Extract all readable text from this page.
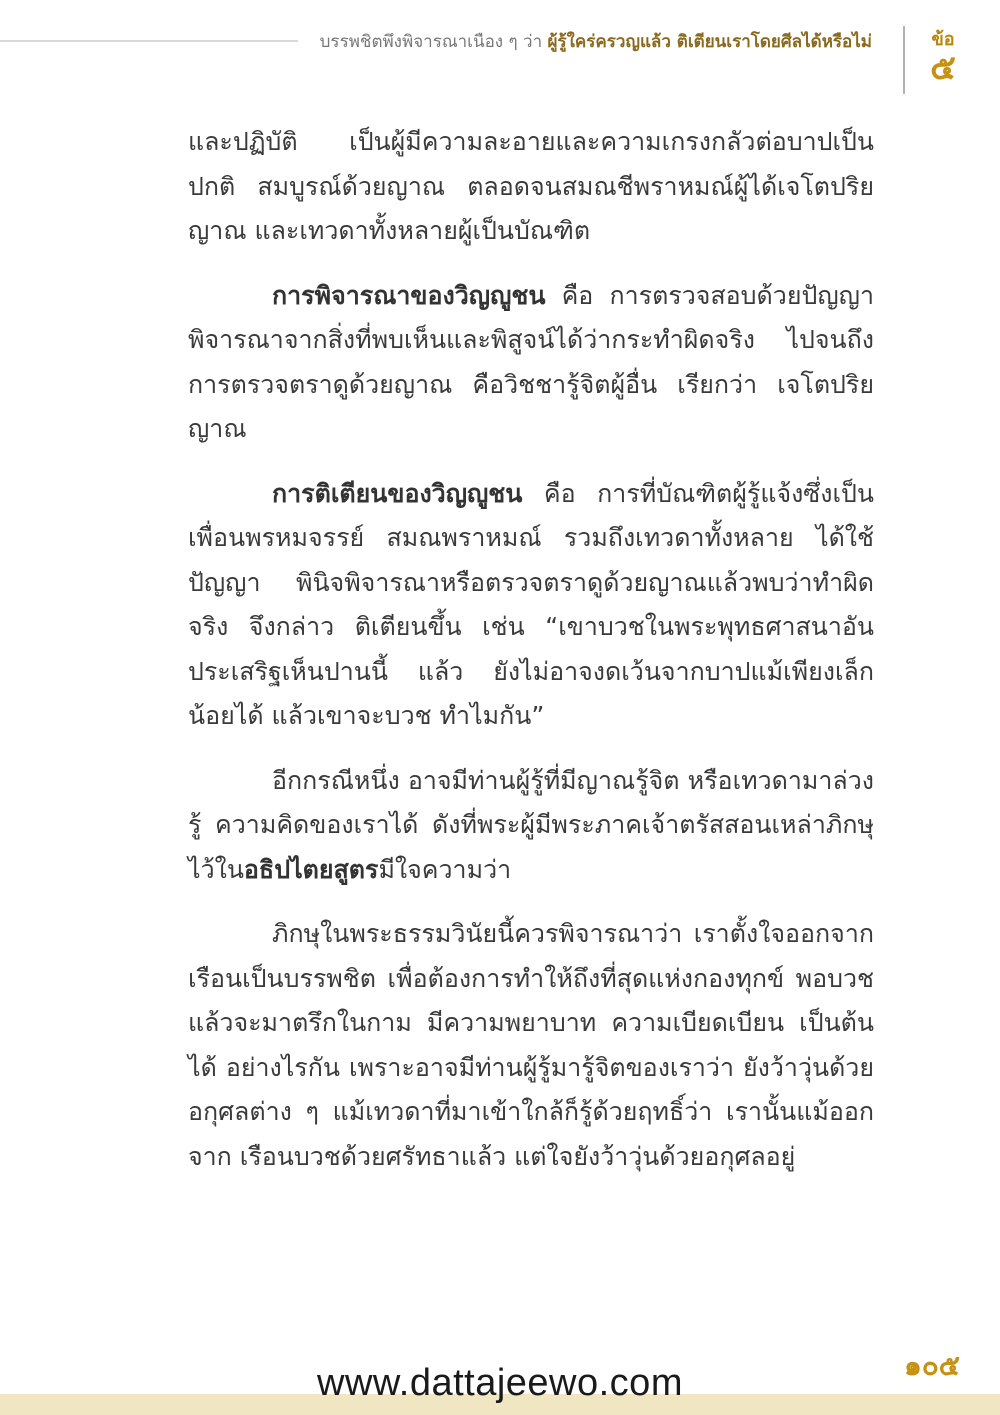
บรรพชิตพึงพิจารณาเนือง ๆ ว่า ผู้รู้ใคร่ครวญแล้ว ติเตียนเราโดยศีลได้หรือไม่	ข้อ
๕

และปฏิบัติ เป็นผู้มีความละอายและความเกรงกลัวต่อบาปเป็นปกติ สมบูรณ์ด้วยญาณ ตลอดจนสมณชีพราหมณ์ผู้ได้เจโตปริยญาณ และเทวดาทั้งหลายผู้เป็นบัณฑิต

การพิจารณาของวิญญูชน คือ การตรวจสอบด้วยปัญญา พิจารณาจากสิ่งที่พบเห็นและพิสูจน์ได้ว่ากระทำผิดจริง ไปจนถึง การตรวจตราดูด้วยญาณ คือวิชชารู้จิตผู้อื่น เรียกว่า เจโตปริยญาณ

การติเตียนของวิญญูชน คือ การที่บัณฑิตผู้รู้แจ้งซึ่งเป็น เพื่อนพรหมจรรย์ สมณพราหมณ์ รวมถึงเทวดาทั้งหลาย ได้ใช้ปัญญา พินิจพิจารณาหรือตรวจตราดูด้วยญาณแล้วพบว่าทำผิดจริง จึงกล่าว ติเตียนขึ้น เช่น “เขาบวชในพระพุทธศาสนาอันประเสริฐเห็นปานนี้ แล้ว ยังไม่อาจงดเว้นจากบาปแม้เพียงเล็กน้อยได้ แล้วเขาจะบวช ทำไมกัน”

อีกกรณีหนึ่ง อาจมีท่านผู้รู้ที่มีญาณรู้จิต หรือเทวดามาล่วงรู้ ความคิดของเราได้ ดังที่พระผู้มีพระภาคเจ้าตรัสสอนเหล่าภิกษุ ไว้ในอธิปไตยสูตรมีใจความว่า

ภิกษุในพระธรรมวินัยนี้ควรพิจารณาว่า เราตั้งใจออกจาก เรือนเป็นบรรพชิต เพื่อต้องการทำให้ถึงที่สุดแห่งกองทุกข์ พอบวช แล้วจะมาตรึกในกาม มีความพยาบาท ความเบียดเบียน เป็นต้น ได้ อย่างไรกัน เพราะอาจมีท่านผู้รู้มารู้จิตของเราว่า ยังว้าวุ่นด้วย อกุศลต่าง ๆ แม้เทวดาที่มาเข้าใกล้ก็รู้ด้วยฤทธิ์ว่า เรานั้นแม้ออกจาก เรือนบวชด้วยศรัทธาแล้ว แต่ใจยังว้าวุ่นด้วยอกุศลอยู่

๑๐๕
www.dattajeewo.com
